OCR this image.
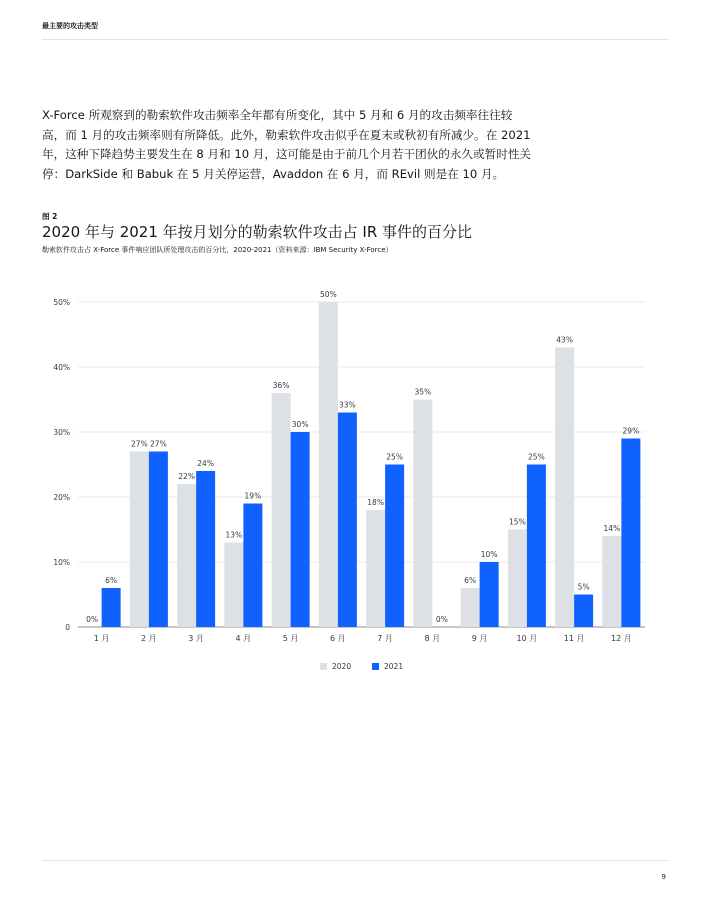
最主要的攻击类型

X-Force 所观察到的勒索软件攻击频率全年都有所变化，其中 5 月和 6 月的攻击频率往往较高，而 1 月的攻击频率则有所降低。此外，勒索软件攻击似乎在夏末或秋初有所减少。在 2021 年，这种下降趋势主要发生在 8 月和 10 月，这可能是由于前几个月若干团伙的永久或暂时性关停：DarkSide 和 Babuk 在 5 月关停运营，Avaddon 在 6 月，而 REvil 则是在 10 月。

图 2
2020 年与 2021 年按月划分的勒索软件攻击占 IR 事件的百分比
勒索软件攻击占 X-Force 事件响应团队所处理攻击的百分比，2020-2021（资料来源：IBM Security X-Force）
0
10%
20%
30%
40%
50%
0%
6%
1 月
27% 27%
2 月
22%
24%
3 月
13%
19%
4 月
36%
30%
5 月
50%
33%
6 月
18%
25%
7 月
35%
0%
8 月
6%
10%
9 月
15%
25%
10 月
43%
5%
11 月
14%
29%
12 月
2020	2021
9
